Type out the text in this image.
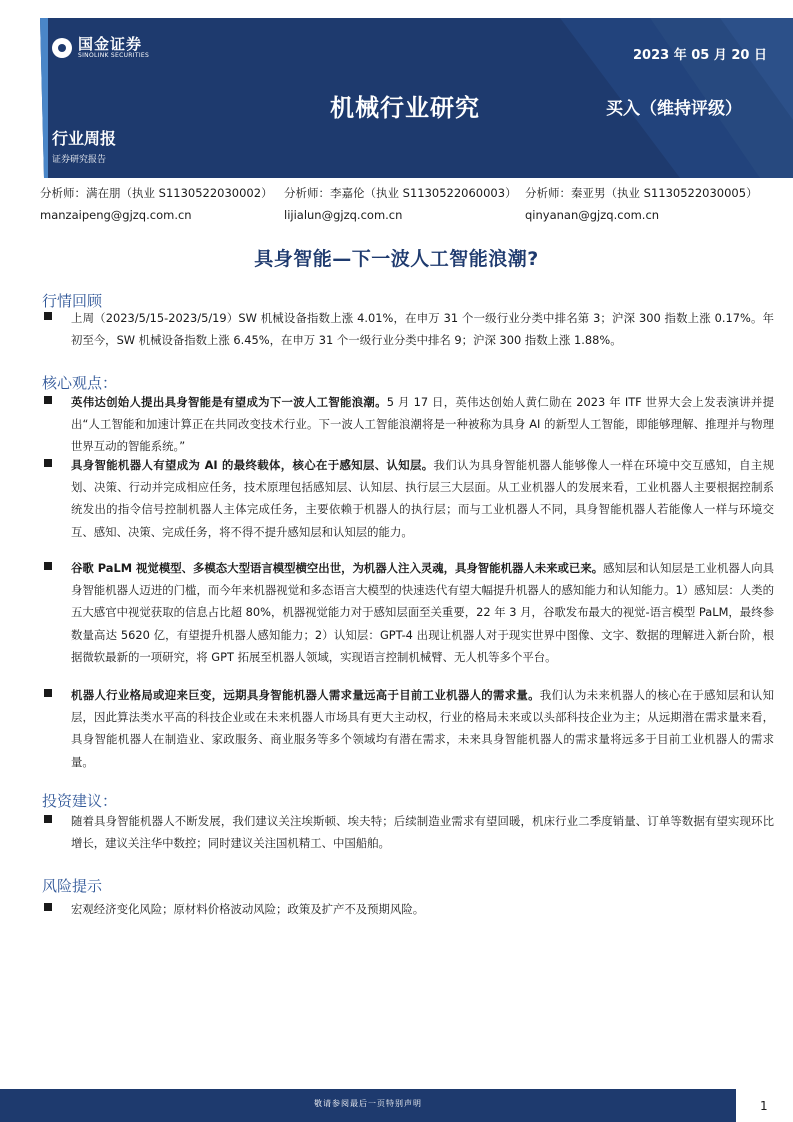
国金证券
SINOLINK SECURITIES	2023 年 05 月 20 日
机械行业研究	买入（维持评级）
行业周报
证券研究报告
分析师：满在朋（执业 S1130522030002）
manzaipeng@gjzq.com.cn
分析师：李嘉伦（执业 S1130522060003）
lijialun@gjzq.com.cn
分析师：秦亚男（执业 S1130522030005）
qinyanan@gjzq.com.cn
具身智能—下一波人工智能浪潮?
行情回顾
上周（2023/5/15-2023/5/19）SW 机械设备指数上涨 4.01%，在申万 31 个一级行业分类中排名第 3；沪深 300 指数上涨 0.17%。年初至今，SW 机械设备指数上涨 6.45%，在申万 31 个一级行业分类中排名 9；沪深 300 指数上涨 1.88%。
核心观点：
英伟达创始人提出具身智能是有望成为下一波人工智能浪潮。5 月 17 日，英伟达创始人黄仁勋在 2023 年 ITF 世界大会上发表演讲并提出“人工智能和加速计算正在共同改变技术行业。下一波人工智能浪潮将是一种被称为具身 AI 的新型人工智能，即能够理解、推理并与物理世界互动的智能系统。”
具身智能机器人有望成为 AI 的最终载体，核心在于感知层、认知层。我们认为具身智能机器人能够像人一样在环境中交互感知，自主规划、决策、行动并完成相应任务，技术原理包括感知层、认知层、执行层三大层面。从工业机器人的发展来看，工业机器人主要根据控制系统发出的指令信号控制机器人主体完成任务，主要依赖于机器人的执行层；而与工业机器人不同，具身智能机器人若能像人一样与环境交互、感知、决策、完成任务，将不得不提升感知层和认知层的能力。
谷歌 PaLM 视觉模型、多模态大型语言模型横空出世，为机器人注入灵魂，具身智能机器人未来或已来。感知层和认知层是工业机器人向具身智能机器人迈进的门槛，而今年来机器视觉和多态语言大模型的快速迭代有望大幅提升机器人的感知能力和认知能力。1）感知层：人类的五大感官中视觉获取的信息占比超 80%，机器视觉能力对于感知层面至关重要，22 年 3 月，谷歌发布最大的视觉-语言模型 PaLM，最终参数量高达 5620 亿，有望提升机器人感知能力；2）认知层：GPT-4 出现让机器人对于现实世界中图像、文字、数据的理解进入新台阶，根据微软最新的一项研究，将 GPT 拓展至机器人领域，实现语言控制机械臂、无人机等多个平台。
机器人行业格局或迎来巨变，远期具身智能机器人需求量远高于目前工业机器人的需求量。我们认为未来机器人的核心在于感知层和认知层，因此算法类水平高的科技企业或在未来机器人市场具有更大主动权，行业的格局未来或以头部科技企业为主；从远期潜在需求量来看，具身智能机器人在制造业、家政服务、商业服务等多个领域均有潜在需求，未来具身智能机器人的需求量将远多于目前工业机器人的需求量。
投资建议：
随着具身智能机器人不断发展，我们建议关注埃斯顿、埃夫特；后续制造业需求有望回暖，机床行业二季度销量、订单等数据有望实现环比增长，建议关注华中数控；同时建议关注国机精工、中国船舶。
风险提示
宏观经济变化风险；原材料价格波动风险；政策及扩产不及预期风险。
敬请参阅最后一页特别声明	1
